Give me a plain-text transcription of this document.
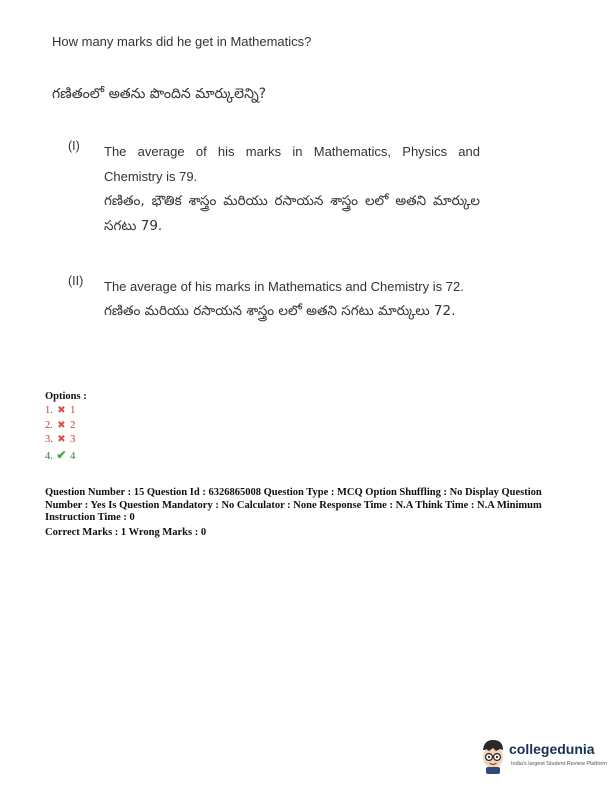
How many marks did he get in Mathematics?
గణితంలో అతను పొందిన మార్కులెన్ని?
(I) The average of his marks in Mathematics, Physics and Chemistry is 79.
గణితం, భౌతిక శాస్త్రం మరియు రసాయన శాస్త్రం లలో అతని మార్కుల సగటు 79.
(II) The average of his marks in Mathematics and Chemistry is 72.
గణితం మరియు రసాయన శాస్త్రం లలో అతని సగటు మార్కులు 72.
Options :
1. ✖ 1
2. ✖ 2
3. ✖ 3
4. ✔ 4
Question Number : 15 Question Id : 6326865008 Question Type : MCQ Option Shuffling : No Display Question Number : Yes Is Question Mandatory : No Calculator : None Response Time : N.A Think Time : N.A Minimum Instruction Time : 0
Correct Marks : 1 Wrong Marks : 0
collegedunia
India's largest Student Review Platform
